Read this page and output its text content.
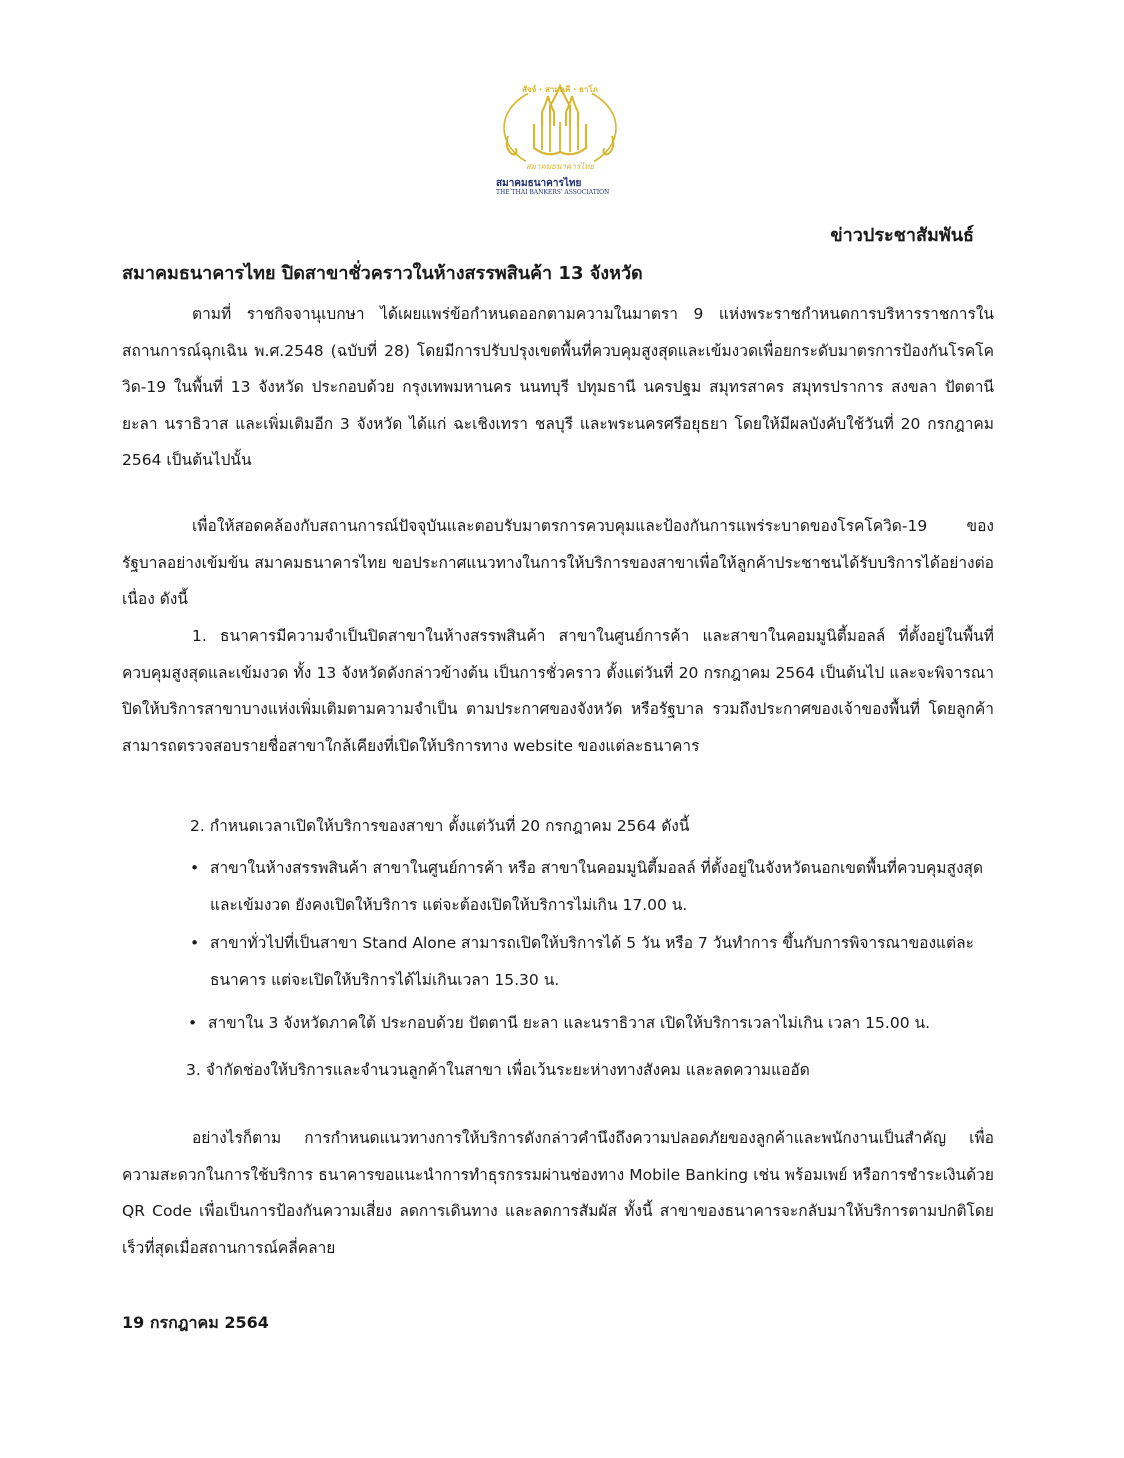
สัจจ์ · สามคคี · ธาโภ
สมาคมธนาคารไทย
สมาคมธนาคารไทย
THE THAI BANKERS' ASSOCIATION
ข่าวประชาสัมพันธ์
สมาคมธนาคารไทย ปิดสาขาชั่วคราวในห้างสรรพสินค้า 13 จังหวัด
ตามที่ ราชกิจจานุเบกษา ได้เผยแพร่ข้อกำหนดออกตามความในมาตรา 9 แห่งพระราชกำหนดการบริหารราชการในสถานการณ์ฉุกเฉิน พ.ศ.2548 (ฉบับที่ 28) โดยมีการปรับปรุงเขตพื้นที่ควบคุมสูงสุดและเข้มงวดเพื่อยกระดับมาตรการป้องกันโรคโควิด-19 ในพื้นที่ 13 จังหวัด ประกอบด้วย กรุงเทพมหานคร นนทบุรี ปทุมธานี นครปฐม สมุทรสาคร สมุทรปราการ สงขลา ปัตตานี ยะลา นราธิวาส และเพิ่มเติมอีก 3 จังหวัด ได้แก่ ฉะเชิงเทรา ชลบุรี และพระนครศรีอยุธยา โดยให้มีผลบังคับใช้วันที่ 20 กรกฎาคม 2564 เป็นต้นไปนั้น
เพื่อให้สอดคล้องกับสถานการณ์ปัจจุบันและตอบรับมาตรการควบคุมและป้องกันการแพร่ระบาดของโรคโควิด-19 ของรัฐบาลอย่างเข้มข้น สมาคมธนาคารไทย ขอประกาศแนวทางในการให้บริการของสาขาเพื่อให้ลูกค้าประชาชนได้รับบริการได้อย่างต่อเนื่อง ดังนี้
1. ธนาคารมีความจำเป็นปิดสาขาในห้างสรรพสินค้า สาขาในศูนย์การค้า และสาขาในคอมมูนิตี้มอลล์ ที่ตั้งอยู่ในพื้นที่ควบคุมสูงสุดและเข้มงวด ทั้ง 13 จังหวัดดังกล่าวข้างต้น เป็นการชั่วคราว ตั้งแต่วันที่ 20 กรกฎาคม 2564 เป็นต้นไป และจะพิจารณาปิดให้บริการสาขาบางแห่งเพิ่มเติมตามความจำเป็น ตามประกาศของจังหวัด หรือรัฐบาล รวมถึงประกาศของเจ้าของพื้นที่ โดยลูกค้าสามารถตรวจสอบรายชื่อสาขาใกล้เคียงที่เปิดให้บริการทาง website ของแต่ละธนาคาร
2. กำหนดเวลาเปิดให้บริการของสาขา ตั้งแต่วันที่ 20 กรกฎาคม 2564 ดังนี้
• สาขาในห้างสรรพสินค้า สาขาในศูนย์การค้า หรือ สาขาในคอมมูนิตี้มอลล์ ที่ตั้งอยู่ในจังหวัดนอกเขตพื้นที่ควบคุมสูงสุดและเข้มงวด ยังคงเปิดให้บริการ แต่จะต้องเปิดให้บริการไม่เกิน 17.00 น.
• สาขาทั่วไปที่เป็นสาขา Stand Alone สามารถเปิดให้บริการได้ 5 วัน หรือ 7 วันทำการ ขึ้นกับการพิจารณาของแต่ละธนาคาร แต่จะเปิดให้บริการได้ไม่เกินเวลา 15.30 น.
• สาขาใน 3 จังหวัดภาคใต้ ประกอบด้วย ปัตตานี ยะลา และนราธิวาส เปิดให้บริการเวลาไม่เกิน เวลา 15.00 น.
3. จำกัดช่องให้บริการและจำนวนลูกค้าในสาขา เพื่อเว้นระยะห่างทางสังคม และลดความแออัด
อย่างไรก็ตาม การกำหนดแนวทางการให้บริการดังกล่าวคำนึงถึงความปลอดภัยของลูกค้าและพนักงานเป็นสำคัญ เพื่อความสะดวกในการใช้บริการ ธนาคารขอแนะนำการทำธุรกรรมผ่านช่องทาง Mobile Banking เช่น พร้อมเพย์ หรือการชำระเงินด้วย QR Code เพื่อเป็นการป้องกันความเสี่ยง ลดการเดินทาง และลดการสัมผัส ทั้งนี้ สาขาของธนาคารจะกลับมาให้บริการตามปกติโดยเร็วที่สุดเมื่อสถานการณ์คลี่คลาย
19 กรกฎาคม 2564
